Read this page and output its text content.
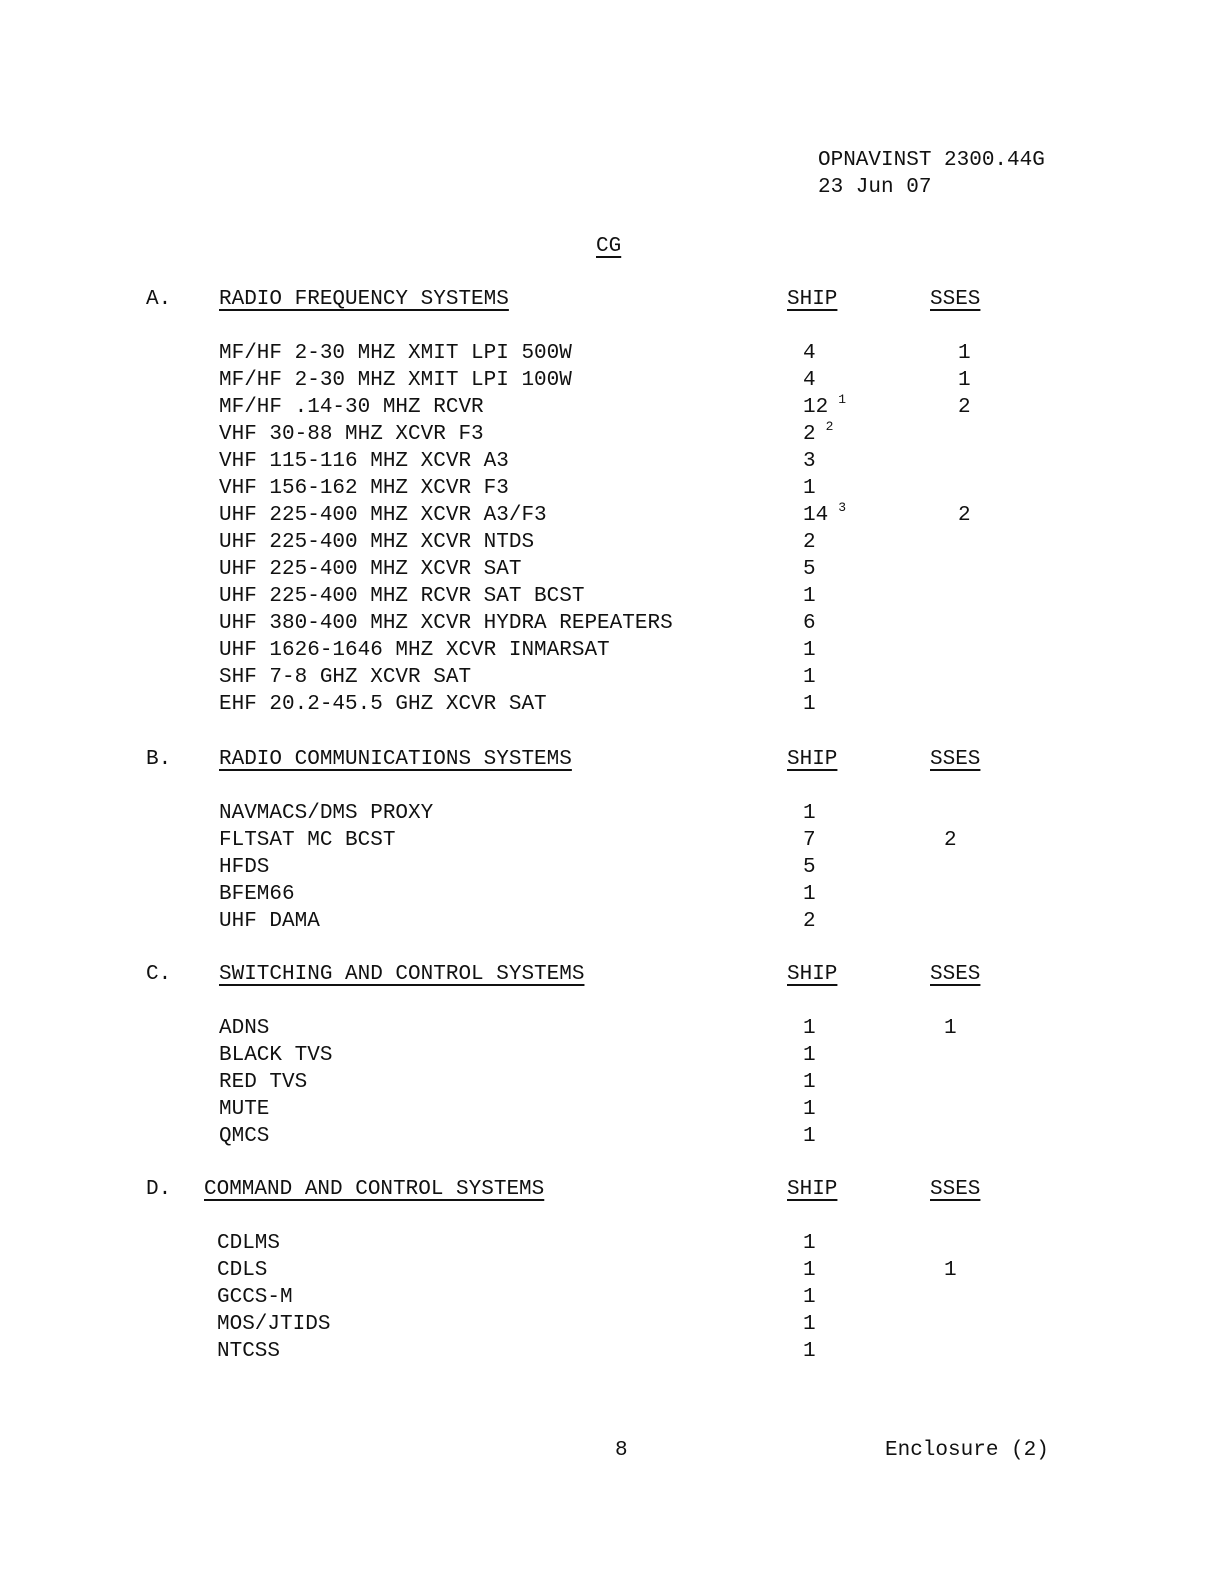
OPNAVINST 2300.44G
23 Jun 07
CG
A. RADIO FREQUENCY SYSTEMS	SHIP	SSES
MF/HF 2-30 MHZ XMIT LPI 500W	4	1
MF/HF 2-30 MHZ XMIT LPI 100W	4	1
MF/HF .14-30 MHZ RCVR	12 $^1$	2
VHF 30-88 MHZ XCVR F3	2 $^2$
VHF 115-116 MHZ XCVR A3	3
VHF 156-162 MHZ XCVR F3	1
UHF 225-400 MHZ XCVR A3/F3	14 $^3$	2
UHF 225-400 MHZ XCVR NTDS	2
UHF 225-400 MHZ XCVR SAT	5
UHF 225-400 MHZ RCVR SAT BCST	1
UHF 380-400 MHZ XCVR HYDRA REPEATERS	6
UHF 1626-1646 MHZ XCVR INMARSAT	1
SHF 7-8 GHZ XCVR SAT	1
EHF 20.2-45.5 GHZ XCVR SAT	1
B. RADIO COMMUNICATIONS SYSTEMS	SHIP	SSES
NAVMACS/DMS PROXY	1
FLTSAT MC BCST	7	2
HFDS	5
BFEM66	1
UHF DAMA	2
C. SWITCHING AND CONTROL SYSTEMS	SHIP	SSES
ADNS	1	1
BLACK TVS	1
RED TVS	1
MUTE	1
QMCS	1
D. COMMAND AND CONTROL SYSTEMS	SHIP	SSES
CDLMS	1
CDLS	1	1
GCCS-M	1
MOS/JTIDS	1
NTCSS	1
8	Enclosure (2)
